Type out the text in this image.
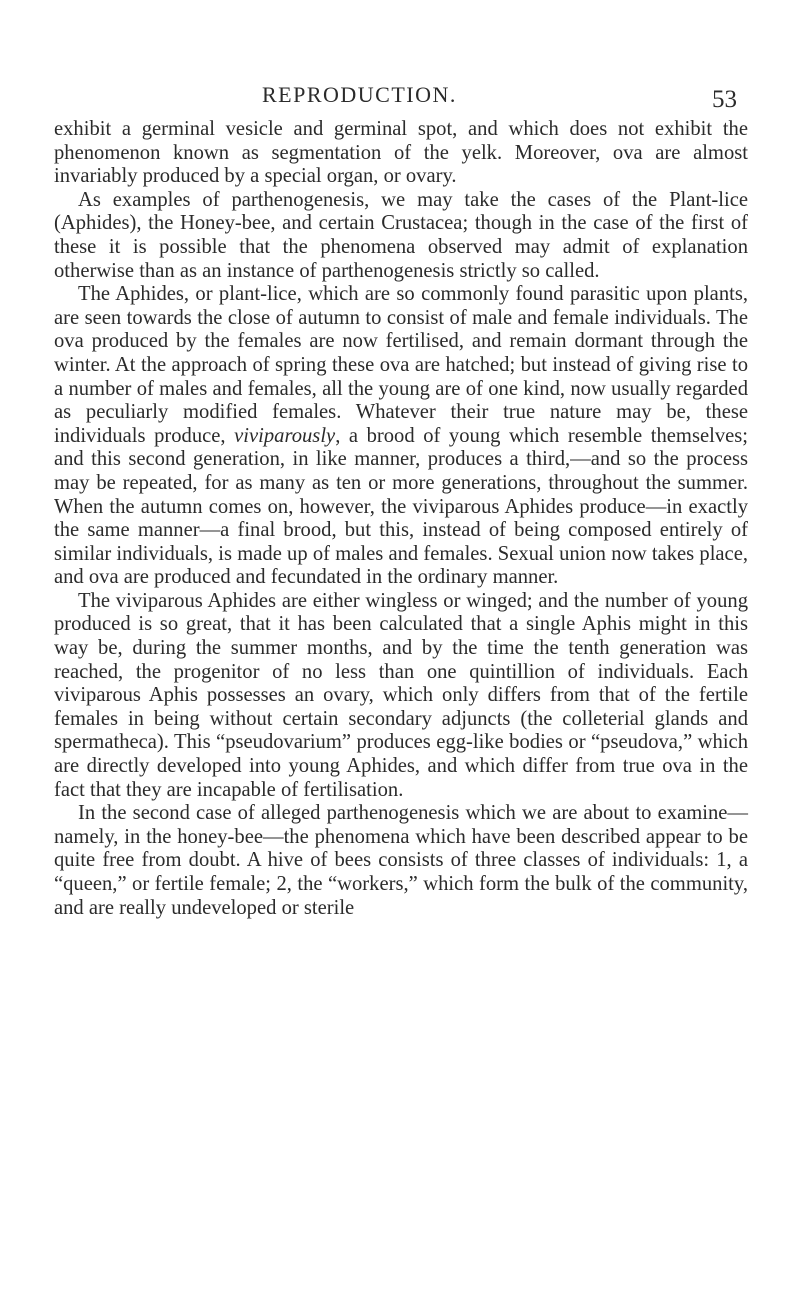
REPRODUCTION.	53

exhibit a germinal vesicle and germinal spot, and which does not exhibit the phenomenon known as segmentation of the yelk. Moreover, ova are almost invariably produced by a special organ, or ovary.

As examples of parthenogenesis, we may take the cases of the Plant-lice (Aphides), the Honey-bee, and certain Crustacea; though in the case of the first of these it is possible that the phenomena observed may admit of explanation otherwise than as an instance of parthenogenesis strictly so called.

The Aphides, or plant-lice, which are so commonly found parasitic upon plants, are seen towards the close of autumn to consist of male and female individuals. The ova produced by the females are now fertilised, and remain dormant through the winter. At the approach of spring these ova are hatched; but instead of giving rise to a number of males and females, all the young are of one kind, now usually regarded as peculiarly modified females. Whatever their true nature may be, these individuals produce, viviparously, a brood of young which resemble themselves; and this second generation, in like manner, produces a third,—and so the process may be repeated, for as many as ten or more generations, throughout the summer. When the autumn comes on, however, the viviparous Aphides produce—in exactly the same manner—a final brood, but this, instead of being composed entirely of similar individuals, is made up of males and females. Sexual union now takes place, and ova are produced and fecundated in the ordinary manner.

The viviparous Aphides are either wingless or winged; and the number of young produced is so great, that it has been calculated that a single Aphis might in this way be, during the summer months, and by the time the tenth generation was reached, the progenitor of no less than one quintillion of individuals. Each viviparous Aphis possesses an ovary, which only differs from that of the fertile females in being without certain secondary adjuncts (the colleterial glands and spermatheca). This “pseudovarium” produces egg-like bodies or “pseudova,” which are directly developed into young Aphides, and which differ from true ova in the fact that they are incapable of fertilisation.

In the second case of alleged parthenogenesis which we are about to examine—namely, in the honey-bee—the phenomena which have been described appear to be quite free from doubt. A hive of bees consists of three classes of individuals: 1, a “queen,” or fertile female; 2, the “workers,” which form the bulk of the community, and are really undeveloped or sterile
